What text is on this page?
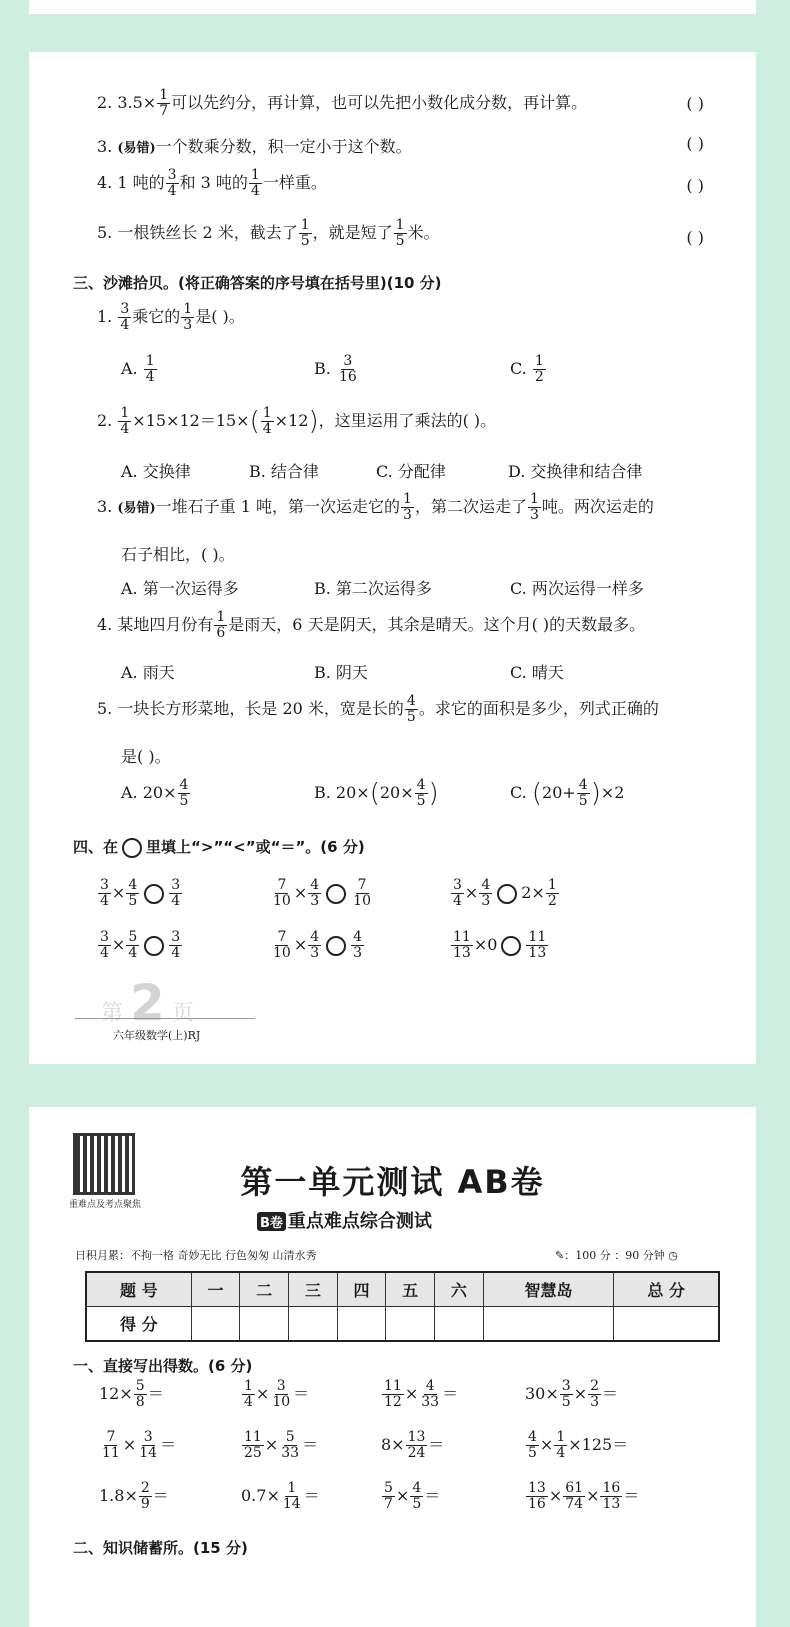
2. $3.5\times \frac{1}{7}$ 可以先约分，再计算，也可以先把小数化成分数，再计算。	( )
3. (易错)一个数乘分数，积一定小于这个数。	( )
4. 1 吨的 $\frac{3}{4}$ 和 3 吨的 $\frac{1}{4}$ 一样重。	( )
5. 一根铁丝长 2 米，截去了 $\frac{1}{5}$ ，就是短了 $\frac{1}{5}$ 米。	( )
三、沙滩拾贝。(将正确答案的序号填在括号里)(10 分)
1. $\frac{3}{4}$ 乘它的 $\frac{1}{3}$ 是( )。
A. $\frac{1}{4}$	B. $\frac{3}{16}$	C. $\frac{1}{2}$
2. $\frac{1}{4} \times 15\times 12=15\times( \frac{1}{4} \times 12)$，这里运用了乘法的( )。
A. 交换律	B. 结合律	C. 分配律	D. 交换律和结合律
3. (易错)一堆石子重 1 吨，第一次运走它的 $\frac{1}{3}$ ，第二次运走了 $\frac{1}{3}$ 吨。两次运走的
石子相比，( )。
A. 第一次运得多	B. 第二次运得多	C. 两次运得一样多
4. 某地四月份有 $\frac{1}{6}$ 是雨天，6 天是阴天，其余是晴天。这个月( )的天数最多。
A. 雨天	B. 阴天	C. 晴天
5. 一块长方形菜地，长是 20 米，宽是长的 $\frac{4}{5}$ 。求它的面积是多少，列式正确的
是( )。
A. $20\times \frac{4}{5}$	B. $20\times(20\times \frac{4}{5}$ )	C. $(20+ \frac{4}{5} )\times 2$
四、在 里填上“>”“<”或“＝”。(6 分)
$\frac{3}{4} \times \frac{4}{5} \frac{3}{4}$	$\frac{7}{10} \times \frac{4}{3} \frac{7}{10}$	$\frac{3}{4} \times \frac{4}{3} 2\times \frac{1}{2}$
$\frac{3}{4} \times \frac{5}{4} \frac{3}{4}$	$\frac{7}{10} \times \frac{4}{3} \frac{4}{3}$	$\frac{11}{13} \times 0 \frac{11}{13}$
第 2 页
六年级数学(上)RJ
重难点及考点聚焦
第一单元测试 AB卷
B卷 重点难点综合测试
日积月累：不拘一格 奇妙无比 行色匆匆 山清水秀	✎：100 分 ：90 分钟 ◷
题 号	一	二	三	四	五	六	智慧岛	总 分
得 分								
一、直接写出得数。(6 分)
$12\times \frac{5}{8}$ ＝	$\frac{1}{4} \times \frac{3}{10}$ ＝	$\frac{11}{12} \times \frac{4}{33}$ ＝	$30\times \frac{3}{5} \times \frac{2}{3}$ ＝
$\frac{7}{11} \times \frac{3}{14}$ ＝	$\frac{11}{25} \times \frac{5}{33}$ ＝	$8\times \frac{13}{24}$ ＝	$\frac{4}{5} \times \frac{1}{4} \times 125=$
$1.8\times \frac{2}{9}$ ＝	$0.7\times \frac{1}{14}$ ＝	$\frac{5}{7} \times \frac{4}{5}$ ＝	$\frac{13}{16} \times \frac{61}{74} \times \frac{16}{13}$ ＝
二、知识储蓄所。(15 分)
